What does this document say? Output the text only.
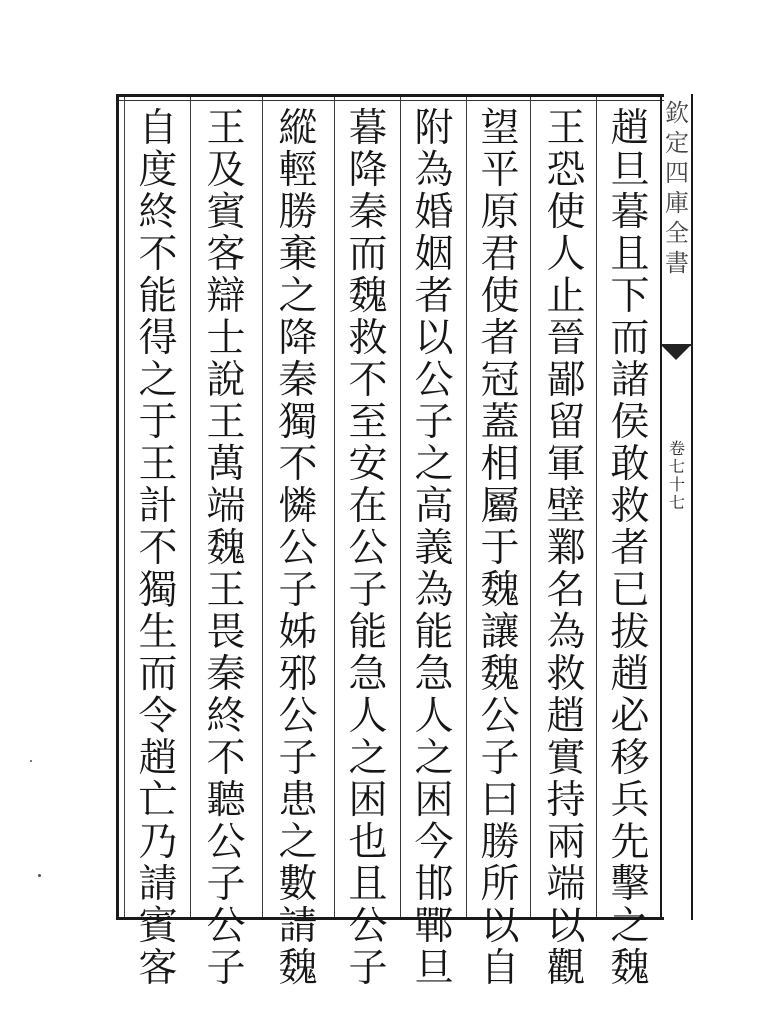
趙
旦
暮
且
下
而
諸
侯
敢
救
者
已
拔
趙
必
移
兵
先
擊
之
魏
王
恐
使
人
止
晉
鄙
留
軍
壁
鄴
名
為
救
趙
實
持
兩
端
以
觀
望
平
原
君
使
者
冠
蓋
相
屬
于
魏
讓
魏
公
子
曰
勝
所
以
自
附
為
婚
姻
者
以
公
子
之
高
義
為
能
急
人
之
困
今
邯
鄲
旦
暮
降
秦
而
魏
救
不
至
安
在
公
子
能
急
人
之
困
也
且
公
子
縱
輕
勝
棄
之
降
秦
獨
不
憐
公
子
姊
邪
公
子
患
之
數
請
魏
王
及
賓
客
辯
士
說
王
萬
端
魏
王
畏
秦
終
不
聽
公
子
公
子
自
度
終
不
能
得
之
于
王
計
不
獨
生
而
令
趙
亡
乃
請
賓
客
欽
定
四
庫
全
書
卷
七
十
七
